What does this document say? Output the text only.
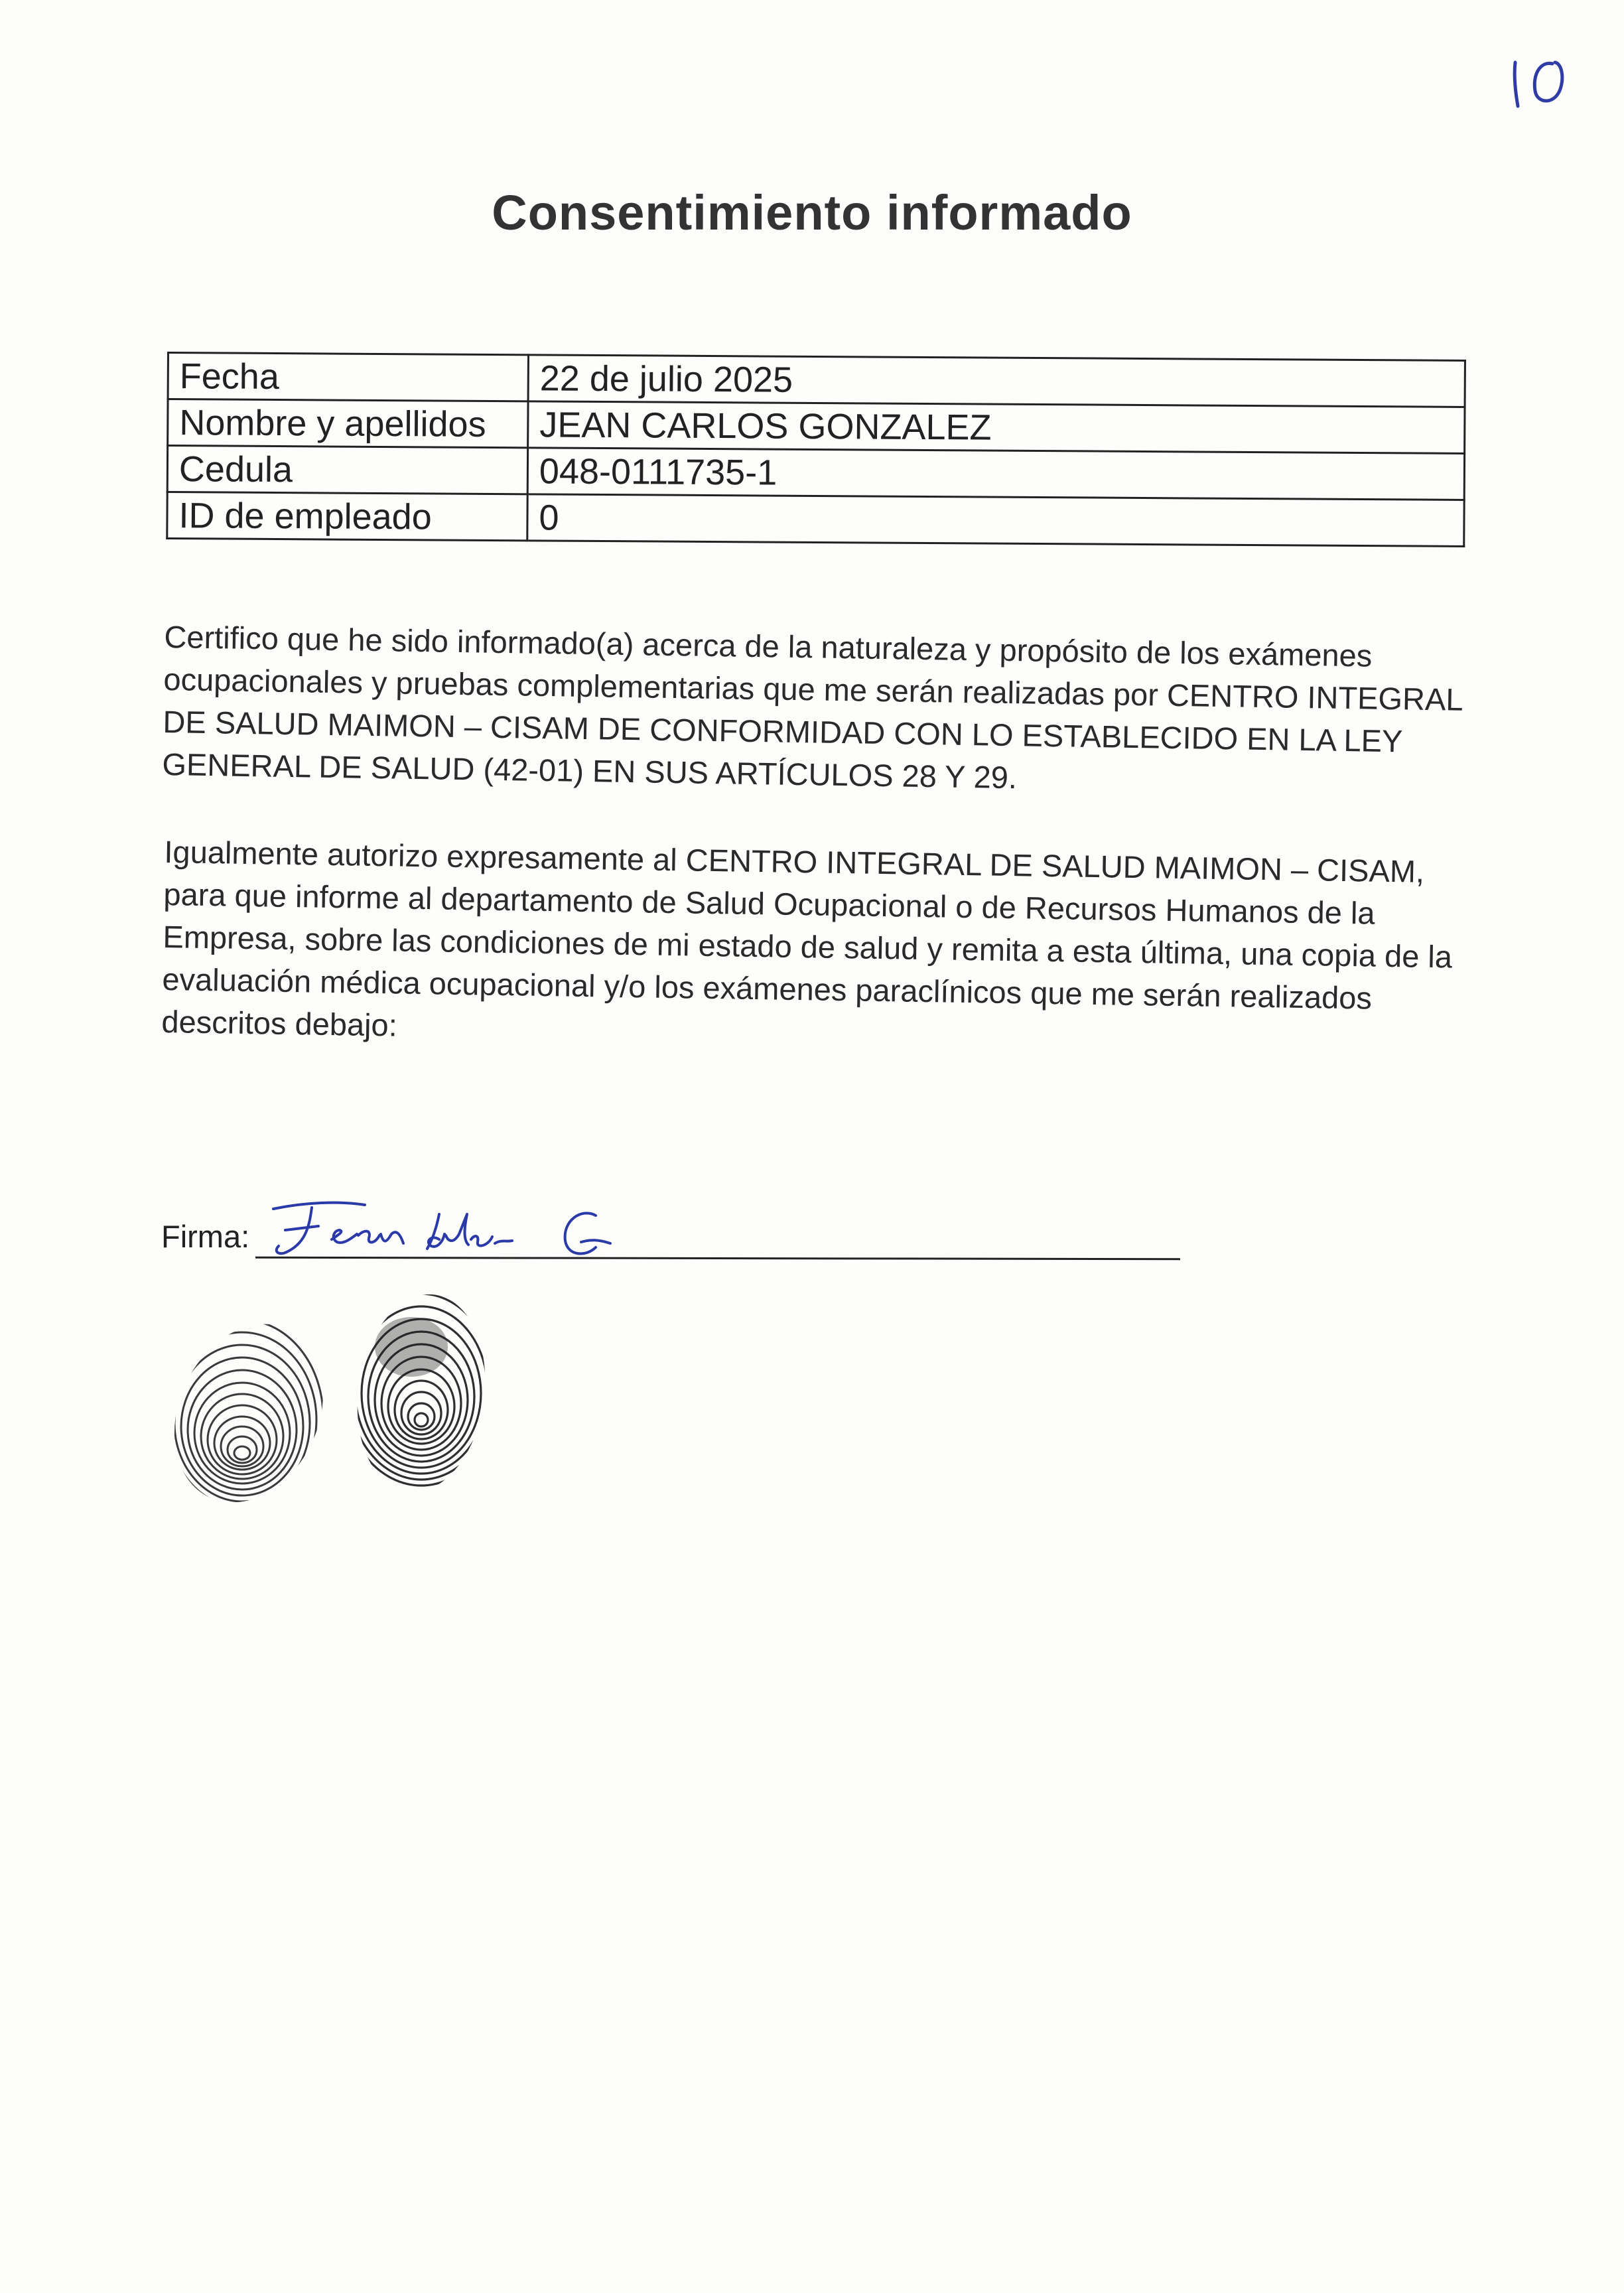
Consentimiento informado
Fecha	22 de julio 2025
Nombre y apellidos	JEAN CARLOS GONZALEZ
Cedula	048-0111735-1
ID de empleado	0

Certifico que he sido informado(a) acerca de la naturaleza y propósito de los exámenes ocupacionales y pruebas complementarias que me serán realizadas por CENTRO INTEGRAL DE SALUD MAIMON – CISAM DE CONFORMIDAD CON LO ESTABLECIDO EN LA LEY GENERAL DE SALUD (42-01) EN SUS ARTÍCULOS 28 Y 29.

Igualmente autorizo expresamente al CENTRO INTEGRAL DE SALUD MAIMON – CISAM, para que informe al departamento de Salud Ocupacional o de Recursos Humanos de la Empresa, sobre las condiciones de mi estado de salud y remita a esta última, una copia de la evaluación médica ocupacional y/o los exámenes paraclínicos que me serán realizados descritos debajo:

Firma:
